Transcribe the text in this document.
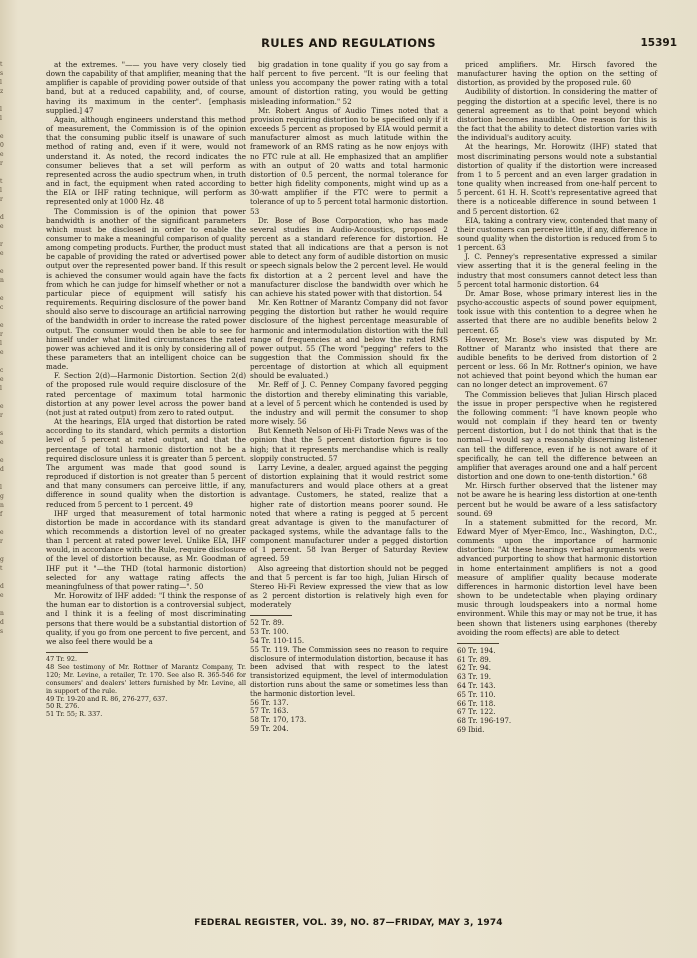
t
s
l
z

l
l

e
0
e
r

t
l
r

d
e

r
e

e
n

e
c

e
r
l
e

c
e
l

e
r

s
e

e
d

l
g
n
f

e
r

g
t

d
e

n
d
s
RULES AND REGULATIONS	15391

at the extremes. "—— you have very closely tied down the capability of that amplifier, meaning that the amplifier is capable of providing power outside of that band, but at a reduced capability, and, of course, having its maximum in the center". [emphasis supplied.] 47

Again, although engineers understand this method of measurement, the Commission is of the opinion that the consuming public itself is unaware of such method of rating and, even if it were, would not understand it. As noted, the record indicates the consumer believes that a set will perform as represented across the audio spectrum when, in truth and in fact, the equipment when rated according to the EIA or IHF rating technique, will perform as represented only at 1000 Hz. 48

The Commission is of the opinion that power bandwidth is another of the significant parameters which must be disclosed in order to enable the consumer to make a meaningful comparison of quality among competing products. Further, the product must be capable of providing the rated or advertised power output over the represented power band. If this result is achieved the consumer would again have the facts from which he can judge for himself whether or not a particular piece of equipment will satisfy his requirements. Requiring disclosure of the power band should also serve to discourage an artificial narrowing of the bandwidth in order to increase the rated power output. The consumer would then be able to see for himself under what limited circumstances the rated power was achieved and it is only by considering all of these parameters that an intelligent choice can be made.

F. Section 2(d)—Harmonic Distortion. Section 2(d) of the proposed rule would require disclosure of the rated percentage of maximum total harmonic distortion at any power level across the power band (not just at rated output) from zero to rated output.

At the hearings, EIA urged that distortion be rated according to its standard, which permits a distortion level of 5 percent at rated output, and that the percentage of total harmonic distortion not be a required disclosure unless it is greater than 5 percent. The argument was made that good sound is reproduced if distortion is not greater than 5 percent and that many consumers can perceive little, if any, difference in sound quality when the distortion is reduced from 5 percent to 1 percent. 49

IHF urged that measurement of total harmonic distortion be made in accordance with its standard which recommends a distortion level of no greater than 1 percent at rated power level. Unlike EIA, IHF would, in accordance with the Rule, require disclosure of the level of distortion because, as Mr. Goodman of IHF put it "—the THD (total harmonic distortion) selected for any wattage rating affects the meaningfulness of that power rating—". 50

Mr. Horowitz of IHF added: "I think the response of the human ear to distortion is a controversial subject, and I think it is a feeling of most discriminating persons that there would be a substantial distortion of quality, if you go from one percent to five percent, and we also feel there would be a

47 Tr. 92.

48 See testimony of Mr. Rottner of Marantz Company, Tr. 120; Mr. Levine, a retailer, Tr. 170. See also R. 365-546 for consumers' and dealers' letters furnished by Mr. Levine, all in support of the rule.

49 Tr. 19-20 and R. 86, 276-277, 637.

50 R. 276.

51 Tr. 55; R. 337.

big gradation in tone quality if you go say from a half percent to five percent. "It is our feeling that unless you accompany the power rating with a total amount of distortion rating, you would be getting misleading information." 52

Mr. Robert Angus of Audio Times noted that a provision requiring distortion to be specified only if it exceeds 5 percent as proposed by EIA would permit a manufacturer almost as much latitude within the framework of an RMS rating as he now enjoys with no FTC rule at all. He emphasized that an amplifier with an output of 20 watts and total harmonic distortion of 0.5 percent, the normal tolerance for better high fidelity components, might wind up as a 30-watt amplifier if the FTC were to permit a tolerance of up to 5 percent total harmonic distortion. 53

Dr. Bose of Bose Corporation, who has made several studies in Audio-Accoustics, proposed 2 percent as a standard reference for distortion. He stated that all indications are that a person is not able to detect any form of audible distortion on music or speech signals below the 2 percent level. He would fix distortion at a 2 percent level and have the manufacturer disclose the bandwidth over which he can achieve his stated power with that distortion. 54

Mr. Ken Rottner of Marantz Company did not favor pegging the distortion but rather he would require disclosure of the highest percentage measurable of harmonic and intermodulation distortion with the full range of frequencies at and below the rated RMS power output. 55 (The word "pegging" refers to the suggestion that the Commission should fix the percentage of distortion at which all equipment should be evaluated.)

Mr. Reff of J. C. Penney Company favored pegging the distortion and thereby eliminating this variable, at a level of 5 percent which he contended is used by the industry and will permit the consumer to shop more wisely. 56

But Kenneth Nelson of Hi-Fi Trade News was of the opinion that the 5 percent distortion figure is too high; that it represents merchandise which is really sloppily constructed. 57

Larry Levine, a dealer, argued against the pegging of distortion explaining that it would restrict some manufacturers and would place others at a great advantage. Customers, he stated, realize that a higher rate of distortion means poorer sound. He noted that where a rating is pegged at 5 percent great advantage is given to the manufacturer of packaged systems, while the advantage falls to the component manufacturer under a pegged distortion of 1 percent. 58 Ivan Berger of Saturday Review agreed. 59

Also agreeing that distortion should not be pegged and that 5 percent is far too high, Julian Hirsch of Stereo Hi-Fi Review expressed the view that as low as 2 percent distortion is relatively high even for moderately

52 Tr. 89.

53 Tr. 100.

54 Tr. 110-115.

55 Tr. 119. The Commission sees no reason to require disclosure of intermodulation distortion, because it has been advised that with respect to the latest transistorized equipment, the level of intermodulation distortion runs about the same or sometimes less than the harmonic distortion level.

56 Tr. 137.

57 Tr. 163.

58 Tr. 170, 173.

59 Tr. 204.

priced amplifiers. Mr. Hirsch favored the manufacturer having the option on the setting of distortion, as provided by the proposed rule. 60

Audibility of distortion. In considering the matter of pegging the distortion at a specific level, there is no general agreement as to that point beyond which distortion becomes inaudible. One reason for this is the fact that the ability to detect distortion varies with the individual's auditory acuity.

At the hearings, Mr. Horowitz (IHF) stated that most discriminating persons would note a substantial distortion of quality if the distortion were increased from 1 to 5 percent and an even larger gradation in tone quality when increased from one-half percent to 5 percent. 61 H. H. Scott's representative agreed that there is a noticeable difference in sound between 1 and 5 percent distortion. 62

EIA, taking a contrary view, contended that many of their customers can perceive little, if any, difference in sound quality when the distortion is reduced from 5 to 1 percent. 63

J. C. Penney's representative expressed a similar view asserting that it is the general feeling in the industry that most consumers cannot detect less than 5 percent total harmonic distortion. 64

Dr. Amar Bose, whose primary interest lies in the psycho-accoustic aspects of sound power equipment, took issue with this contention to a degree when he asserted that there are no audible benefits below 2 percent. 65

However, Mr. Bose's view was disputed by Mr. Rottner of Marantz who insisted that there are audible benefits to be derived from distortion of 2 percent or less. 66 In Mr. Rottner's opinion, we have not achieved that point beyond which the human ear can no longer detect an improvement. 67

The Commission believes that Julian Hirsch placed the issue in proper perspective when he registered the following comment: "I have known people who would not complain if they heard ten or twenty percent distortion, but I do not think that that is the normal—I would say a reasonably discerning listener can tell the difference, even if he is not aware of it specifically, he can tell the difference between an amplifier that averages around one and a half percent distortion and one down to one-tenth distortion." 68

Mr. Hirsch further observed that the listener may not be aware he is hearing less distortion at one-tenth percent but he would be aware of a less satisfactory sound. 69

In a statement submitted for the record, Mr. Edward Myer of Myer-Emco, Inc., Washington, D.C., comments upon the importance of harmonic distortion: "At these hearings verbal arguments were advanced purporting to show that harmonic distortion in home entertainment amplifiers is not a good measure of amplifier quality because moderate differences in harmonic distortion level have been shown to be undetectable when playing ordinary music through loudspeakers into a normal home environment. While this may or may not be true, it has been shown that listeners using earphones (thereby avoiding the room effects) are able to detect

60 Tr. 194.

61 Tr. 89.

62 Tr. 94.

63 Tr. 19.

64 Tr. 143.

65 Tr. 110.

66 Tr. 118.

67 Tr. 122.

68 Tr. 196-197.

69 Ibid.

FEDERAL REGISTER, VOL. 39, NO. 87—FRIDAY, MAY 3, 1974
